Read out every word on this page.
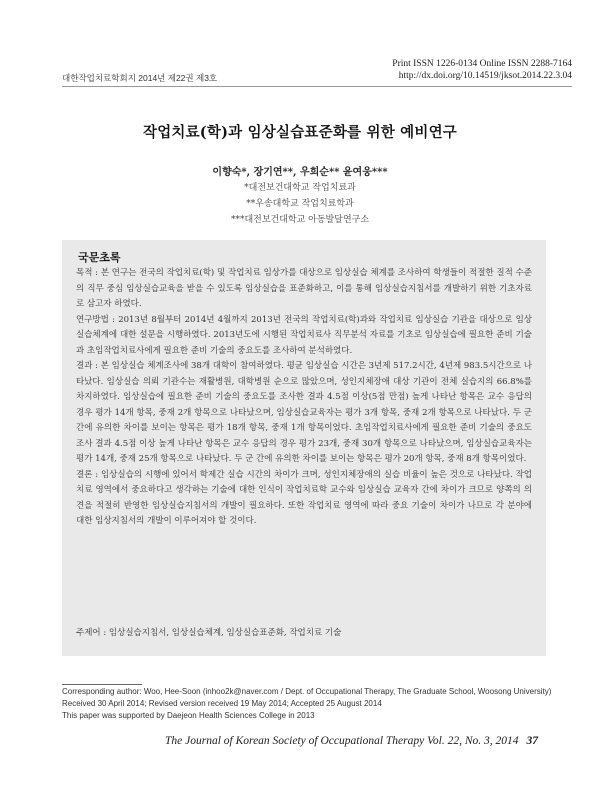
Print ISSN 1226-0134 Online ISSN 2288-7164
http://dx.doi.org/10.14519/jksot.2014.22.3.04
대한작업치료학회지 2014년 제22권 제3호
작업치료(학)과 임상실습표준화를 위한 예비연구
이향숙*, 장기연**, 우희순** 윤여웅***
*대전보건대학교 작업치료과
**우송대학교 작업치료학과
***대전보건대학교 아동발달연구소
국문초록

목적 : 본 연구는 전국의 작업치료(학) 및 작업치료 임상가를 대상으로 임상실습 체계를 조사하여 학생들이 적절한 질적 수준의 직무 중심 임상실습교육을 받을 수 있도록 임상실습을 표준화하고, 이를 통해 임상실습지침서를 개발하기 위한 기초자료로 삼고자 하였다.

연구방법 : 2013년 8월부터 2014년 4월까지 2013년 전국의 작업치료(학)과와 작업치료 임상실습 기관을 대상으로 임상실습체계에 대한 설문을 시행하였다. 2013년도에 시행된 작업치료사 직무분석 자료를 기초로 임상실습에 필요한 준비 기술과 초임작업치료사에게 필요한 준비 기술의 중요도를 조사하여 분석하였다.

결과 : 본 임상실습 체계조사에 38개 대학이 참여하였다. 평균 임상실습 시간은 3년제 517.2시간, 4년제 983.5시간으로 나타났다. 임상실습 의뢰 기관수는 재활병원, 대학병원 순으로 많았으며, 성인지체장애 대상 기관이 전체 실습지의 66.8%를 차지하였다. 임상실습에 필요한 준비 기술의 중요도를 조사한 결과 4.5점 이상(5점 만점) 높게 나타난 항목은 교수 응답의 경우 평가 14개 항목, 중재 2개 항목으로 나타났으며, 임상실습교육자는 평가 3개 항목, 중재 2개 항목으로 나타났다. 두 군 간에 유의한 차이를 보이는 항목은 평가 18개 항목, 중재 1개 항목이었다. 초임작업치료사에게 필요한 준비 기술의 중요도 조사 결과 4.5점 이상 높게 나타난 항목은 교수 응답의 경우 평가 23개, 중재 30개 항목으로 나타났으며, 임상실습교육자는 평가 14개, 중재 25개 항목으로 나타났다. 두 군 간에 유의한 차이를 보이는 항목은 평가 20개 항목, 중재 8개 항목이었다.

결론 : 임상실습의 시행에 있어서 학제간 실습 시간의 차이가 크며, 성인지체장애의 실습 비율이 높은 것으로 나타났다. 작업치료 영역에서 중요하다고 생각하는 기술에 대한 인식이 작업치료학 교수와 임상실습 교육자 간에 차이가 크므로 양쪽의 의견을 적절히 반영한 임상실습지침서의 개발이 필요하다. 또한 작업치료 영역에 따라 중요 기술이 차이가 나므로 각 분야에 대한 임상지침서의 개발이 이루어져야 할 것이다.

주제어 : 임상실습지침서, 임상실습체계, 임상실습표준화, 작업치료 기술
Corresponding author: Woo, Hee-Soon (inhoo2k@naver.com / Dept. of Occupational Therapy, The Graduate School, Woosong University)
Received 30 April 2014; Revised version received 19 May 2014; Accepted 25 August 2014
This paper was supported by Daejeon Health Sciences College in 2013
The Journal of Korean Society of Occupational Therapy Vol. 22, No. 3, 2014 37
